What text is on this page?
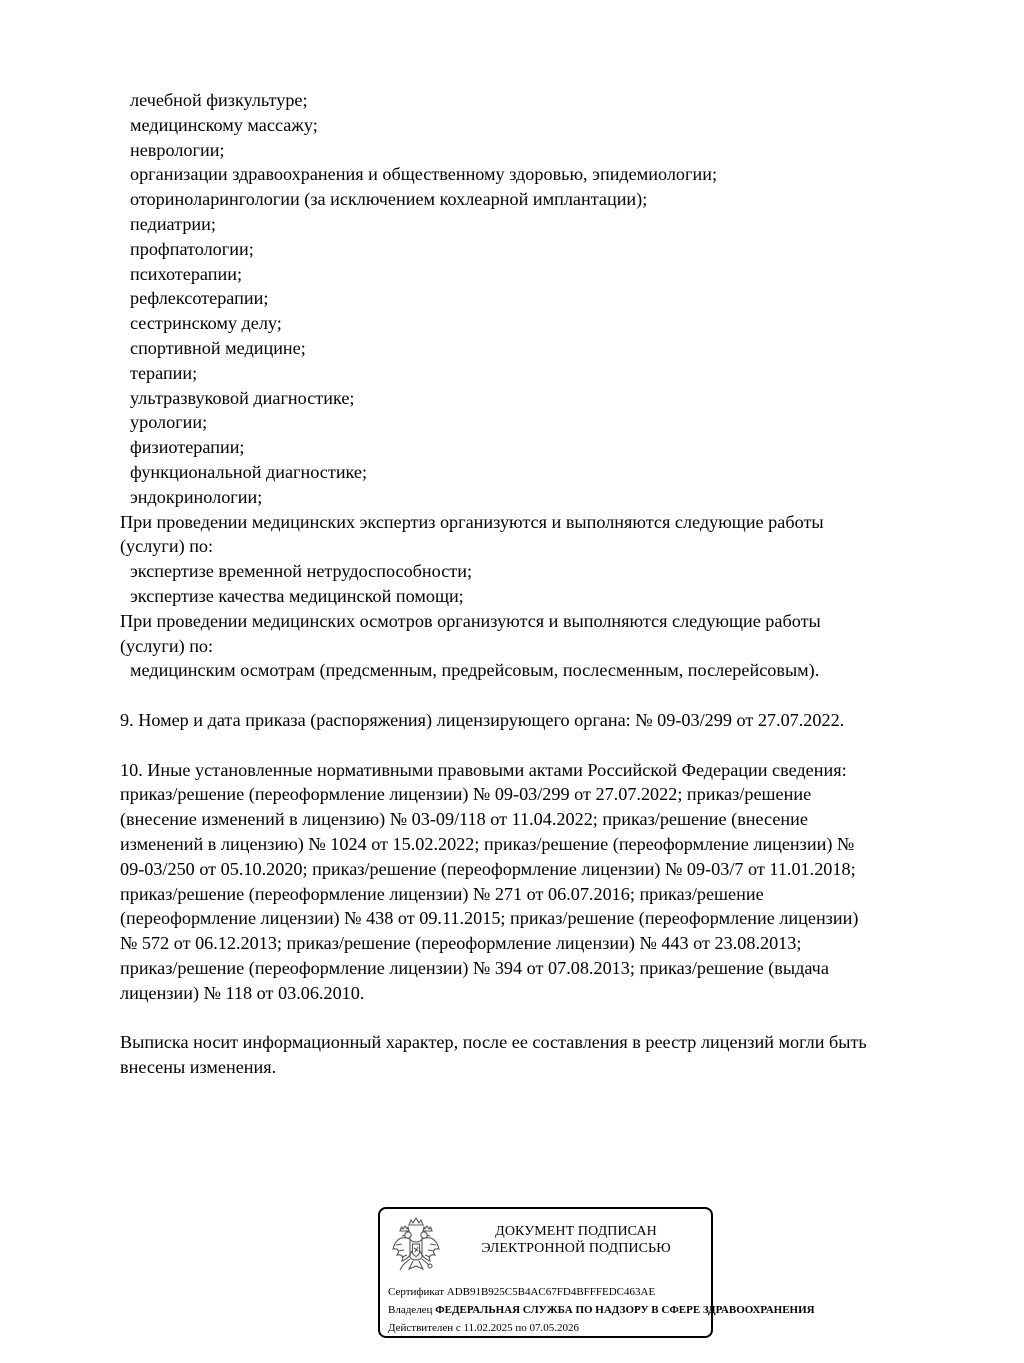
лечебной физкультуре;
медицинскому массажу;
неврологии;
организации здравоохранения и общественному здоровью, эпидемиологии;
оториноларингологии (за исключением кохлеарной имплантации);
педиатрии;
профпатологии;
психотерапии;
рефлексотерапии;
сестринскому делу;
спортивной медицине;
терапии;
ультразвуковой диагностике;
урологии;
физиотерапии;
функциональной диагностике;
эндокринологии;
При проведении медицинских экспертиз организуются и выполняются следующие работы
(услуги) по:
экспертизе временной нетрудоспособности;
экспертизе качества медицинской помощи;
При проведении медицинских осмотров организуются и выполняются следующие работы
(услуги) по:
медицинским осмотрам (предсменным, предрейсовым, послесменным, послерейсовым).
9. Номер и дата приказа (распоряжения) лицензирующего органа: № 09-03/299 от 27.07.2022.
10. Иные установленные нормативными правовыми актами Российской Федерации сведения:
приказ/решение (переоформление лицензии) № 09-03/299 от 27.07.2022; приказ/решение
(внесение изменений в лицензию) № 03-09/118 от 11.04.2022; приказ/решение (внесение
изменений в лицензию) № 1024 от 15.02.2022; приказ/решение (переоформление лицензии) №
09-03/250 от 05.10.2020; приказ/решение (переоформление лицензии) № 09-03/7 от 11.01.2018;
приказ/решение (переоформление лицензии) № 271 от 06.07.2016; приказ/решение
(переоформление лицензии) № 438 от 09.11.2015; приказ/решение (переоформление лицензии)
№ 572 от 06.12.2013; приказ/решение (переоформление лицензии) № 443 от 23.08.2013;
приказ/решение (переоформление лицензии) № 394 от 07.08.2013; приказ/решение (выдача
лицензии) № 118 от 03.06.2010.
Выписка носит информационный характер, после ее составления в реестр лицензий могли быть
внесены изменения.
ДОКУМЕНТ ПОДПИСАН
ЭЛЕКТРОННОЙ ПОДПИСЬЮ
Сертификат ADB91B925C5B4AC67FD4BFFFEDC463AE
Владелец ФЕДЕРАЛЬНАЯ СЛУЖБА ПО НАДЗОРУ В СФЕРЕ ЗДРАВООХРАНЕНИЯ
Действителен с 11.02.2025 по 07.05.2026
